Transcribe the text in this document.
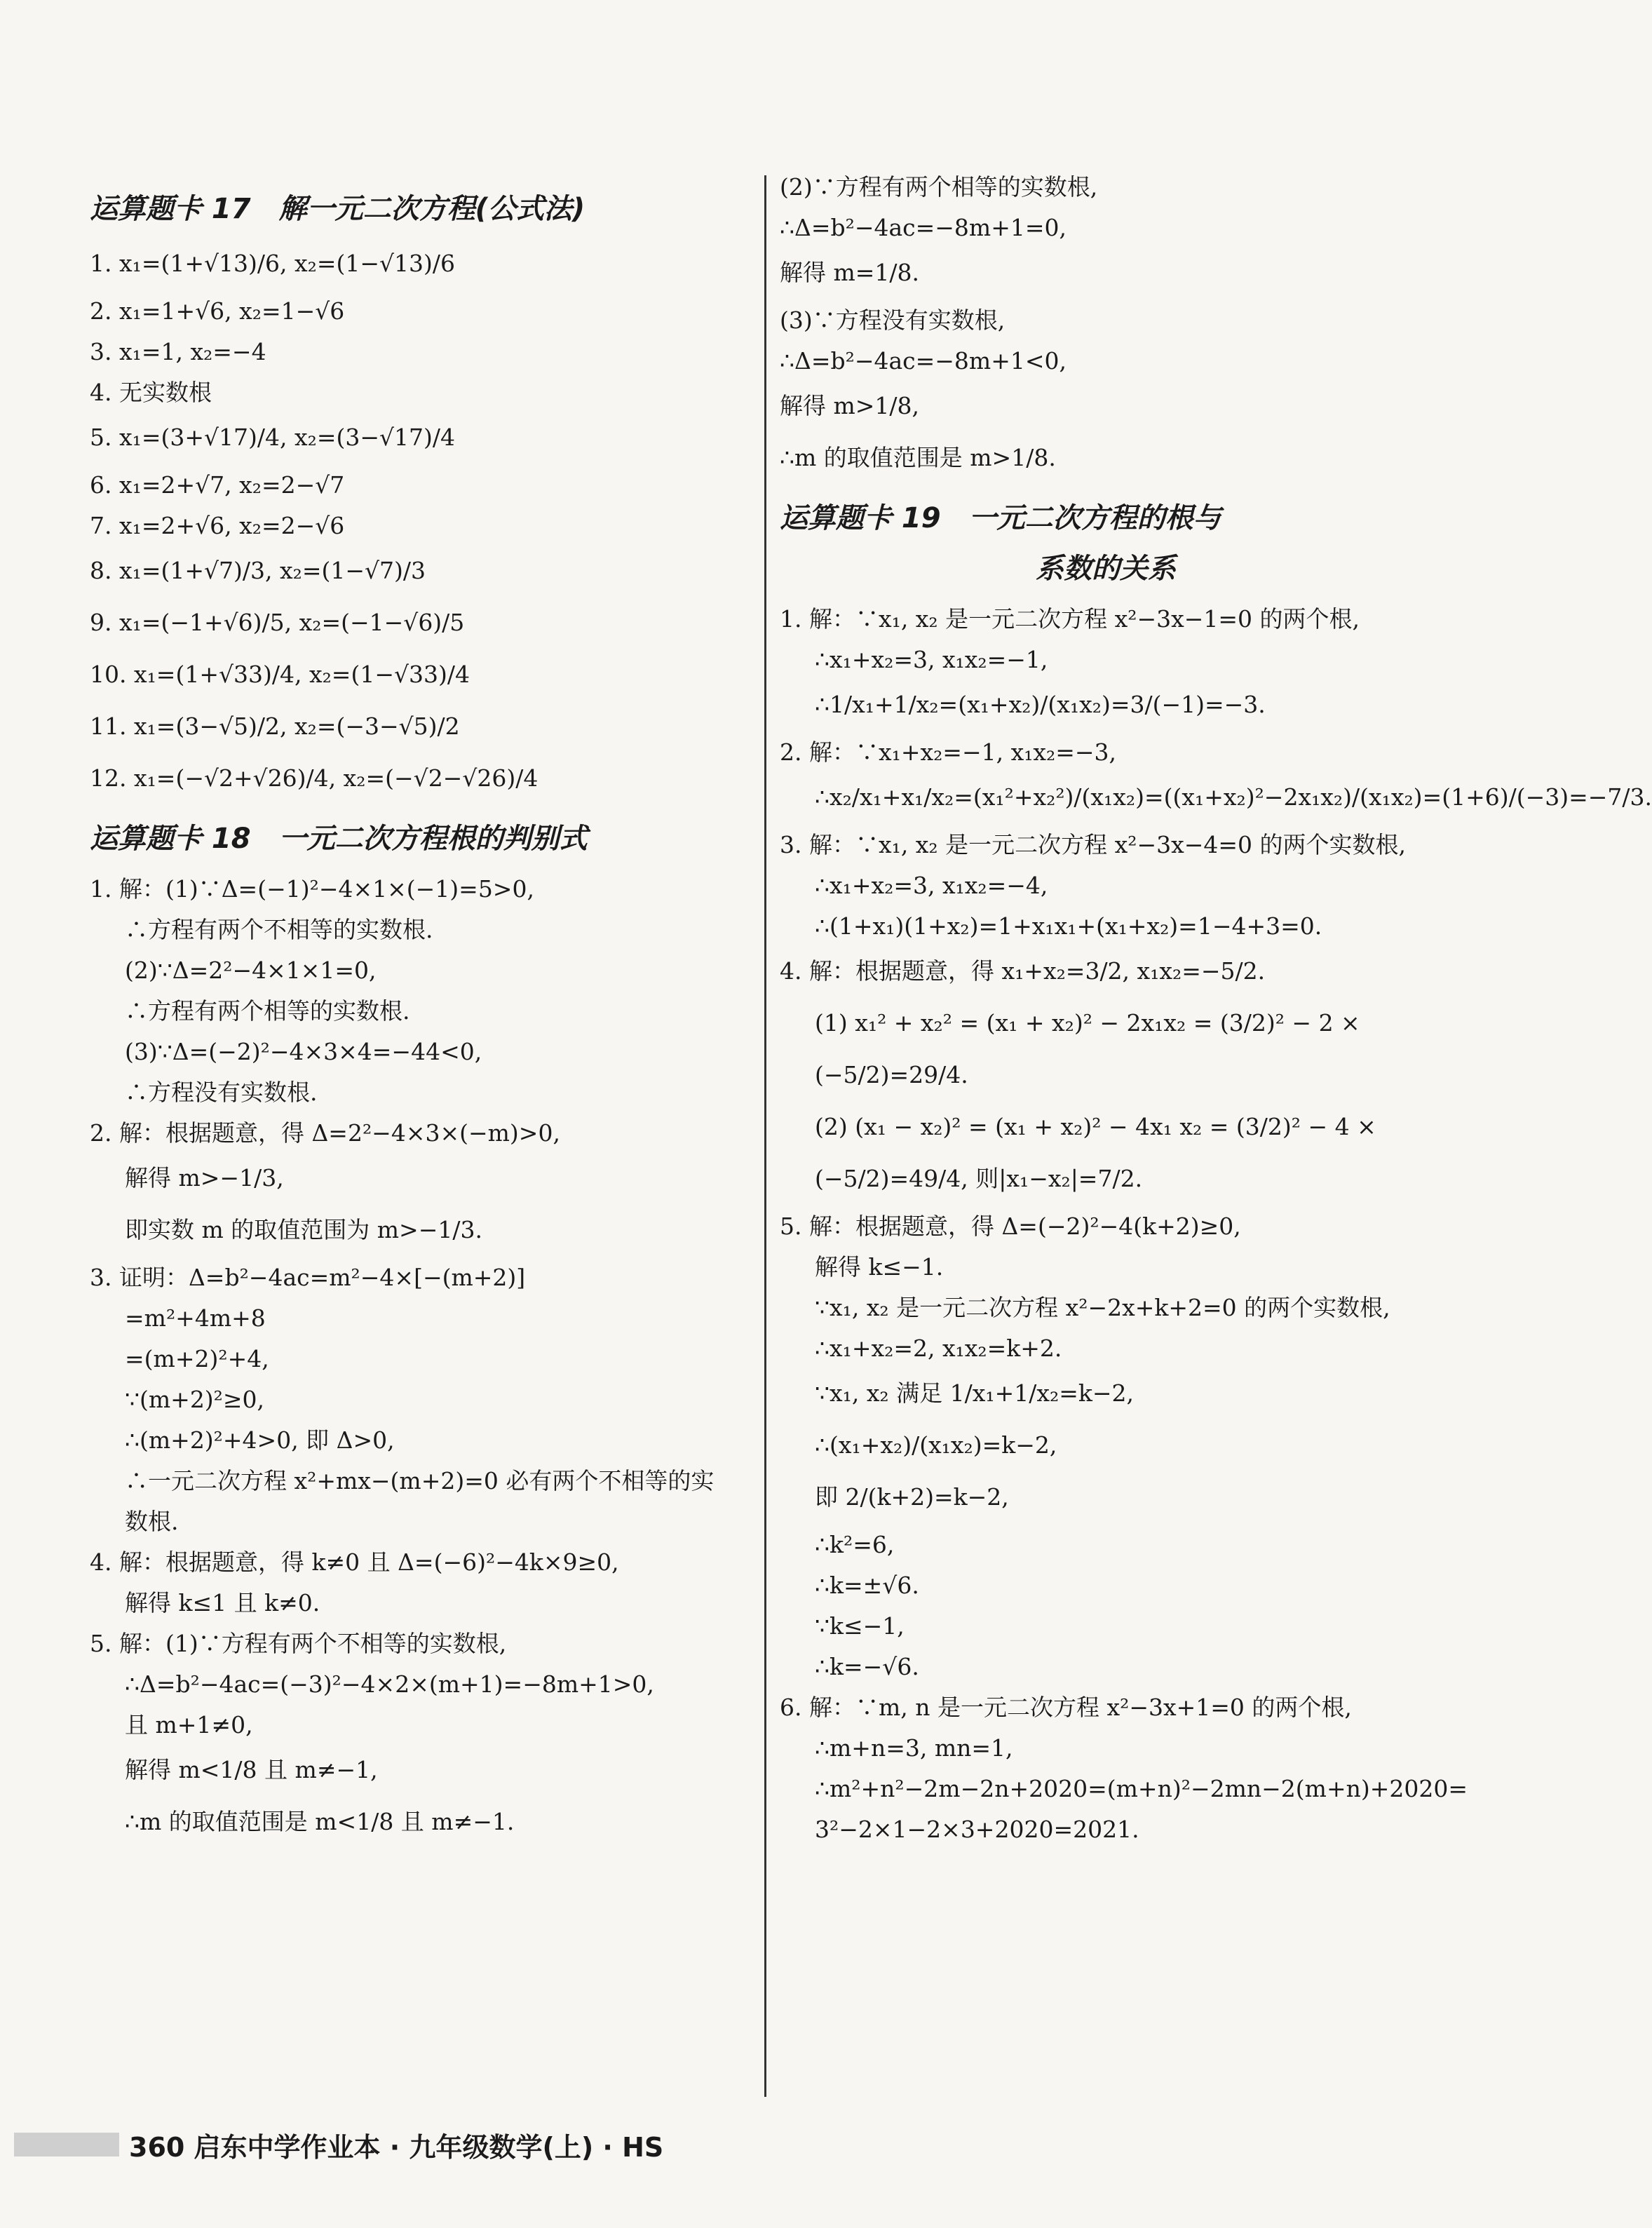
运算题卡 17　解一元二次方程(公式法)
1. x₁=(1+√13)/6, x₂=(1−√13)/6
2. x₁=1+√6, x₂=1−√6
3. x₁=1, x₂=−4
4. 无实数根
5. x₁=(3+√17)/4, x₂=(3−√17)/4
6. x₁=2+√7, x₂=2−√7
7. x₁=2+√6, x₂=2−√6
8. x₁=(1+√7)/3, x₂=(1−√7)/3
9. x₁=(−1+√6)/5, x₂=(−1−√6)/5
10. x₁=(1+√33)/4, x₂=(1−√33)/4
11. x₁=(3−√5)/2, x₂=(−3−√5)/2
12. x₁=(−√2+√26)/4, x₂=(−√2−√26)/4
运算题卡 18　一元二次方程根的判别式
1. 解：(1)∵Δ=(−1)²−4×1×(−1)=5>0,
∴方程有两个不相等的实数根.
(2)∵Δ=2²−4×1×1=0,
∴方程有两个相等的实数根.
(3)∵Δ=(−2)²−4×3×4=−44<0,
∴方程没有实数根.
2. 解：根据题意，得 Δ=2²−4×3×(−m)>0,
解得 m>−1/3,
即实数 m 的取值范围为 m>−1/3.
3. 证明：Δ=b²−4ac=m²−4×[−(m+2)]
=m²+4m+8
=(m+2)²+4,
∵(m+2)²≥0,
∴(m+2)²+4>0, 即 Δ>0,
∴一元二次方程 x²+mx−(m+2)=0 必有两个不相等的实
数根.
4. 解：根据题意，得 k≠0 且 Δ=(−6)²−4k×9≥0,
解得 k≤1 且 k≠0.
5. 解：(1)∵方程有两个不相等的实数根,
∴Δ=b²−4ac=(−3)²−4×2×(m+1)=−8m+1>0,
且 m+1≠0,
解得 m<1/8 且 m≠−1,
∴m 的取值范围是 m<1/8 且 m≠−1.
(2)∵方程有两个相等的实数根,
∴Δ=b²−4ac=−8m+1=0,
解得 m=1/8.
(3)∵方程没有实数根,
∴Δ=b²−4ac=−8m+1<0,
解得 m>1/8,
∴m 的取值范围是 m>1/8.
运算题卡 19　一元二次方程的根与
系数的关系
1. 解：∵x₁, x₂ 是一元二次方程 x²−3x−1=0 的两个根,
∴x₁+x₂=3, x₁x₂=−1,
∴1/x₁+1/x₂=(x₁+x₂)/(x₁x₂)=3/(−1)=−3.
2. 解：∵x₁+x₂=−1, x₁x₂=−3,
∴x₂/x₁+x₁/x₂=(x₁²+x₂²)/(x₁x₂)=((x₁+x₂)²−2x₁x₂)/(x₁x₂)=(1+6)/(−3)=−7/3.
3. 解：∵x₁, x₂ 是一元二次方程 x²−3x−4=0 的两个实数根,
∴x₁+x₂=3, x₁x₂=−4,
∴(1+x₁)(1+x₂)=1+x₁x₁+(x₁+x₂)=1−4+3=0.
4. 解：根据题意，得 x₁+x₂=3/2, x₁x₂=−5/2.
(1) x₁² + x₂² = (x₁ + x₂)² − 2x₁x₂ = (3/2)² − 2 ×
(−5/2)=29/4.
(2) (x₁ − x₂)² = (x₁ + x₂)² − 4x₁ x₂ = (3/2)² − 4 ×
(−5/2)=49/4, 则|x₁−x₂|=7/2.
5. 解：根据题意，得 Δ=(−2)²−4(k+2)≥0,
解得 k≤−1.
∵x₁, x₂ 是一元二次方程 x²−2x+k+2=0 的两个实数根,
∴x₁+x₂=2, x₁x₂=k+2.
∵x₁, x₂ 满足 1/x₁+1/x₂=k−2,
∴(x₁+x₂)/(x₁x₂)=k−2,
即 2/(k+2)=k−2,
∴k²=6,
∴k=±√6.
∵k≤−1,
∴k=−√6.
6. 解：∵m, n 是一元二次方程 x²−3x+1=0 的两个根,
∴m+n=3, mn=1,
∴m²+n²−2m−2n+2020=(m+n)²−2mn−2(m+n)+2020=
3²−2×1−2×3+2020=2021.
360 启东中学作业本 · 九年级数学(上) · HS
